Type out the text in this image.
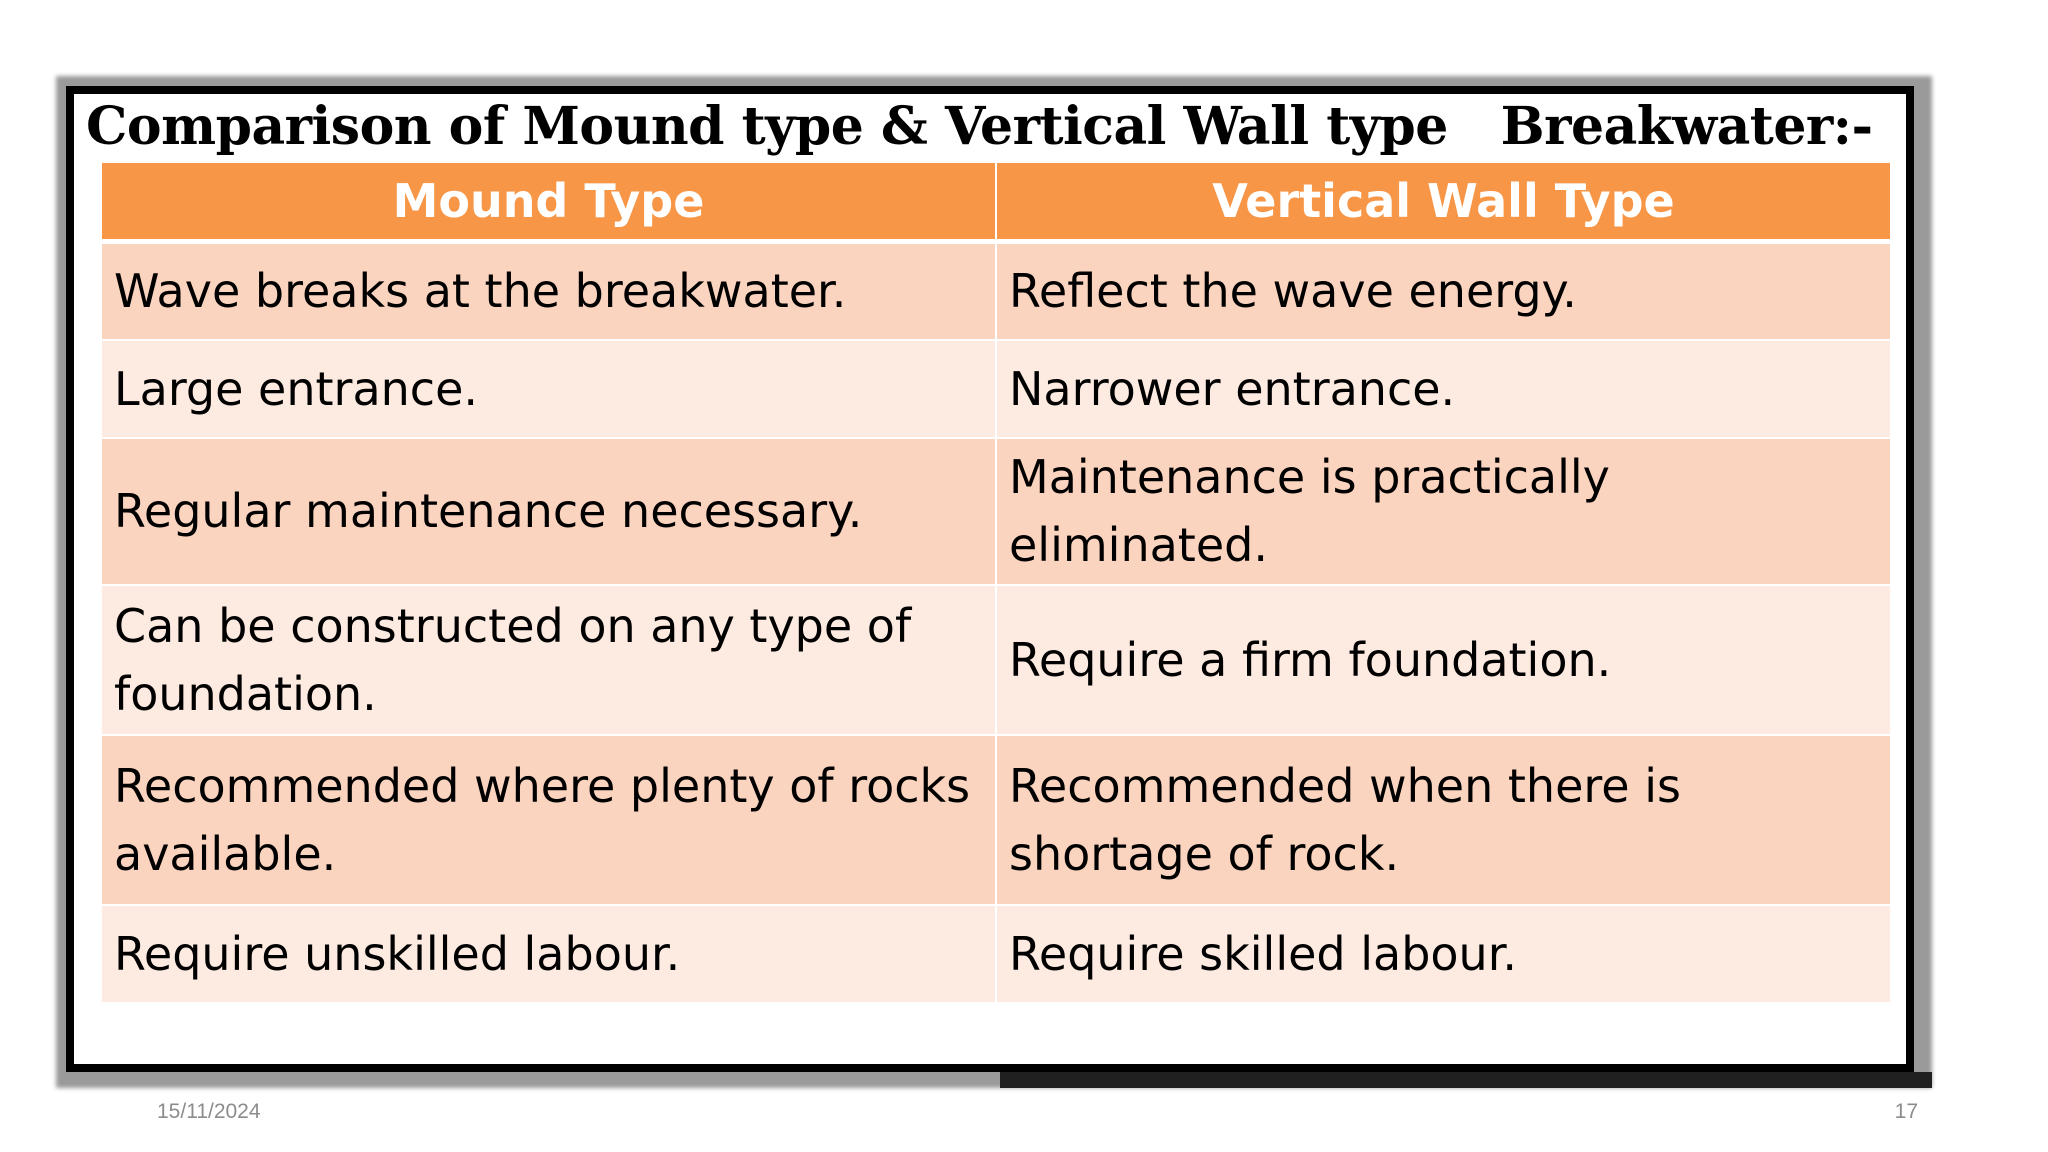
Comparison of Mound type & Vertical Wall type   Breakwater:-
Mound Type	Vertical Wall Type
Wave breaks at the breakwater.	Reflect the wave energy.
Large entrance.	Narrower entrance.
Regular maintenance necessary.	Maintenance is practically eliminated.
Can be constructed on any type of foundation.	Require a firm foundation.
Recommended where plenty of rocks available.	Recommended when there is shortage of rock.
Require unskilled labour.	Require skilled labour.
15/11/2024	17
